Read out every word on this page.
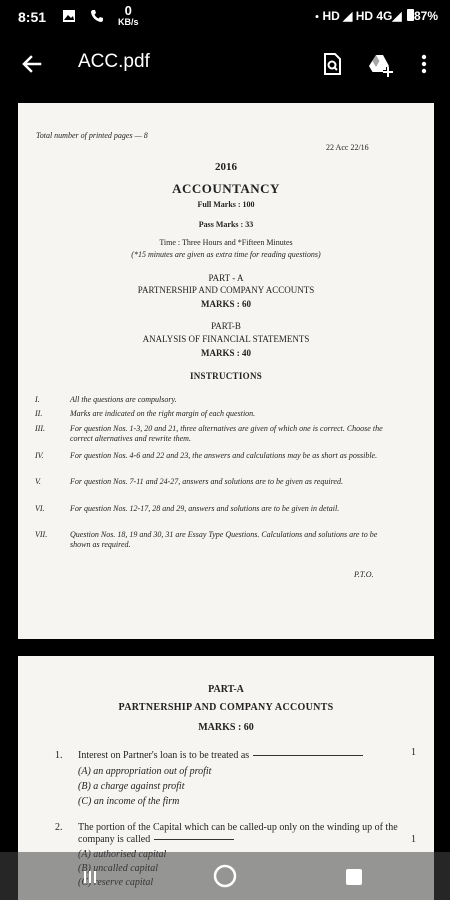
8:51	0
KB/s
● HD ◢ HD 4G◢ 87%
ACC.pdf
Total number of printed pages — 8
22 Acc 22/16
2016
ACCOUNTANCY
Full Marks : 100
Pass Marks : 33
Time : Three Hours and *Fifteen Minutes
(*15 minutes are given as extra time for reading questions)
PART - A
PARTNERSHIP AND COMPANY ACCOUNTS
MARKS : 60
PART-B
ANALYSIS OF FINANCIAL STATEMENTS
MARKS : 40
INSTRUCTIONS
I.	All the questions are compulsory.
II.	Marks are indicated on the right margin of each question.
III.	For question Nos. 1-3, 20 and 21, three alternatives are given of which one is correct. Choose the correct alternatives and rewrite them.
IV.	For question Nos. 4-6 and 22 and 23, the answers and calculations may be as short as possible.
V.	For question Nos. 7-11 and 24-27, answers and solutions are to be given as required.
VI.	For question Nos. 12-17, 28 and 29, answers and solutions are to be given in detail.
VII.	Question Nos. 18, 19 and 30, 31 are Essay Type Questions. Calculations and solutions are to be shown as required.
P.T.O.
PART-A
PARTNERSHIP AND COMPANY ACCOUNTS
MARKS : 60
1. Interest on Partner's loan is to be treated as	1
(A) an appropriation out of profit
(B) a charge against profit
(C) an income of the firm
2. The portion of the Capital which can be called-up only on the winding up of the company is called	1
